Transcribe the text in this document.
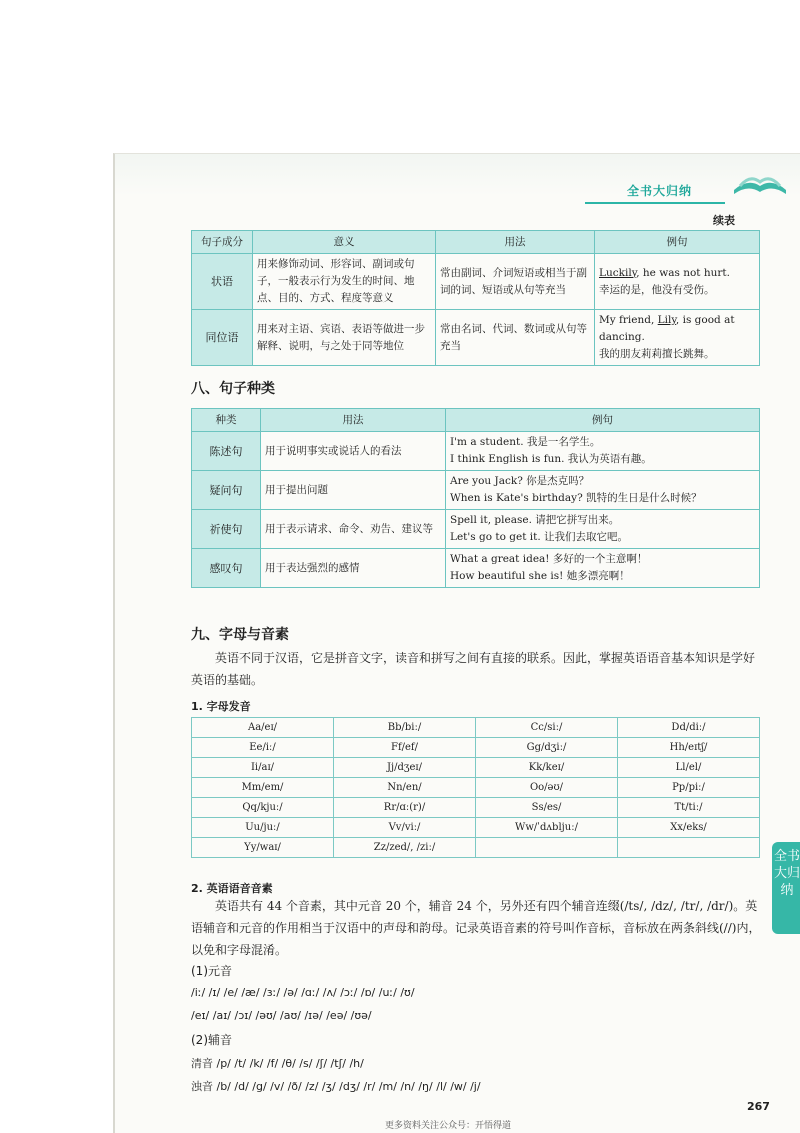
全书大归纳
续表
句子成分	意义	用法	例句
状语	用来修饰动词、形容词、副词或句子，一般表示行为发生的时间、地点、目的、方式、程度等意义	常由副词、介词短语或相当于副词的词、短语或从句等充当	Luckily, he was not hurt.
幸运的是，他没有受伤。
同位语	用来对主语、宾语、表语等做进一步解释、说明，与之处于同等地位	常由名词、代词、数词或从句等充当	My friend, Lily, is good at dancing.
我的朋友莉莉擅长跳舞。
八、句子种类
种类	用法	例句
陈述句	用于说明事实或说话人的看法	I'm a student. 我是一名学生。
I think English is fun. 我认为英语有趣。
疑问句	用于提出问题	Are you Jack? 你是杰克吗？
When is Kate's birthday? 凯特的生日是什么时候？
祈使句	用于表示请求、命令、劝告、建议等	Spell it, please. 请把它拼写出来。
Let's go to get it. 让我们去取它吧。
感叹句	用于表达强烈的感情	What a great idea! 多好的一个主意啊！
How beautiful she is! 她多漂亮啊！
九、字母与音素
英语不同于汉语，它是拼音文字，读音和拼写之间有直接的联系。因此，掌握英语语音基本知识是学好英语的基础。
1. 字母发音
Aa/eɪ/	Bb/biː/	Cc/siː/	Dd/diː/
Ee/iː/	Ff/ef/	Gg/dʒiː/	Hh/eɪtʃ/
Ii/aɪ/	Jj/dʒeɪ/	Kk/keɪ/	Ll/el/
Mm/em/	Nn/en/	Oo/əʊ/	Pp/piː/
Qq/kjuː/	Rr/ɑː(r)/	Ss/es/	Tt/tiː/
Uu/juː/	Vv/viː/	Ww/ˈdʌbljuː/	Xx/eks/
Yy/waɪ/	Zz/zed/, /ziː/		
2. 英语语音音素
英语共有 44 个音素，其中元音 20 个，辅音 24 个，另外还有四个辅音连缀(/ts/, /dz/, /tr/, /dr/)。英语辅音和元音的作用相当于汉语中的声母和韵母。记录英语音素的符号叫作音标，音标放在两条斜线(//)内，以免和字母混淆。
(1)元音
/iː/ /ɪ/ /e/ /æ/ /ɜː/ /ə/ /ɑː/ /ʌ/ /ɔː/ /ɒ/ /uː/ /ʊ/
/eɪ/ /aɪ/ /ɔɪ/ /əʊ/ /aʊ/ /ɪə/ /eə/ /ʊə/
(2)辅音
清音 /p/ /t/ /k/ /f/ /θ/ /s/ /ʃ/ /tʃ/ /h/
浊音 /b/ /d/ /g/ /v/ /ð/ /z/ /ʒ/ /dʒ/ /r/ /m/ /n/ /ŋ/ /l/ /w/ /j/
全书大归纳
267
更多资料关注公众号：开悟得道
